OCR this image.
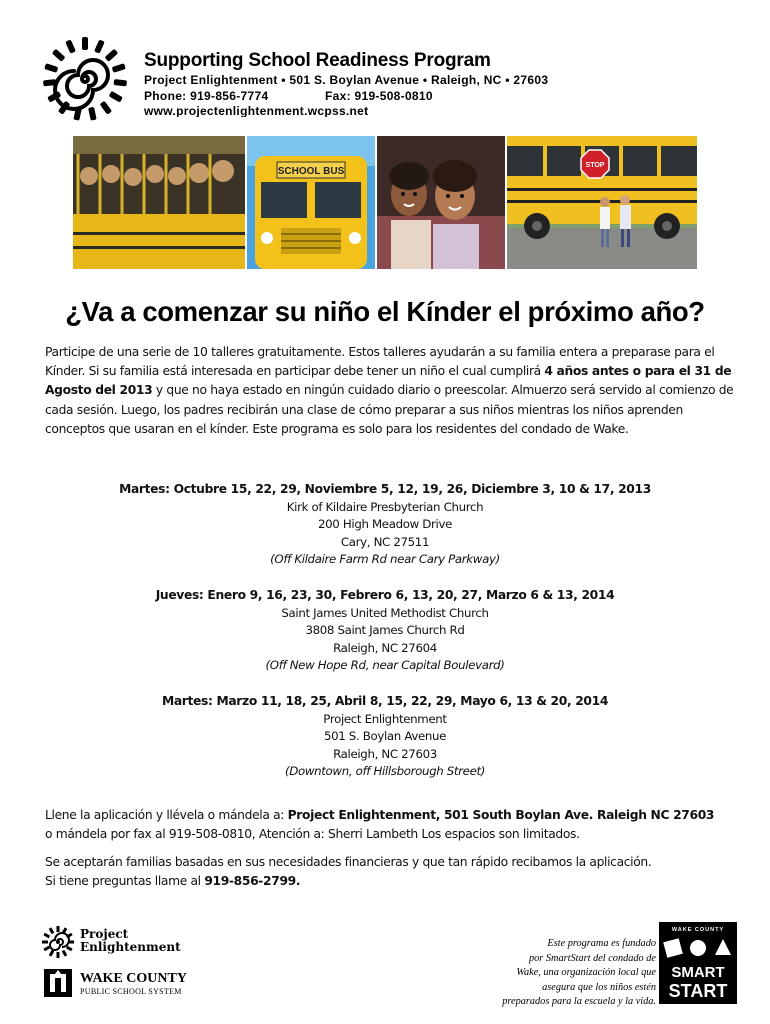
Supporting School Readiness Program
Project Enlightenment • 501 S. Boylan Avenue • Raleigh, NC • 27603
Phone: 919-856-7774	Fax: 919-508-0810
www.projectenlightenment.wcpss.net
SCHOOL BUS
STOP
¿Va a comenzar su niño el Kínder el próximo año?
Participe de una serie de 10 talleres gratuitamente. Estos talleres ayudarán a su familia entera a preparase para el Kínder. Si su familia está interesada en participar debe tener un niño el cual cumplirá 4 años antes o para el 31 de Agosto del 2013 y que no haya estado en ningún cuidado diario o preescolar. Almuerzo será servido al comienzo de cada sesión. Luego, los padres recibirán una clase de cómo preparar a sus niños mientras los niños aprenden conceptos que usaran en el kínder. Este programa es solo para los residentes del condado de Wake.
Martes: Octubre 15, 22, 29, Noviembre 5, 12, 19, 26, Diciembre 3, 10 & 17, 2013
Kirk of Kildaire Presbyterian Church
200 High Meadow Drive
Cary, NC 27511
(Off Kildaire Farm Rd near Cary Parkway)
Jueves: Enero 9, 16, 23, 30, Febrero 6, 13, 20, 27, Marzo 6 & 13, 2014
Saint James United Methodist Church
3808 Saint James Church Rd
Raleigh, NC 27604
(Off New Hope Rd, near Capital Boulevard)
Martes: Marzo 11, 18, 25, Abril 8, 15, 22, 29, Mayo 6, 13 & 20, 2014
Project Enlightenment
501 S. Boylan Avenue
Raleigh, NC 27603
(Downtown, off Hillsborough Street)
Llene la aplicación y llévela o mándela a: Project Enlightenment, 501 South Boylan Ave. Raleigh NC 27603
o mándela por fax al 919-508-0810, Atención a: Sherri Lambeth Los espacios son limitados.
Se aceptarán familias basadas en sus necesidades financieras y que tan rápido recibamos la aplicación.
Si tiene preguntas llame al 919-856-2799.
Project
Enlightenment
WAKE COUNTY
PUBLIC SCHOOL SYSTEM
Este programa es fundado
por SmartStart del condado de
Wake, una organización local que
asegura que los niños estén
preparados para la escuela y la vida.
WAKE COUNTY
SMART
START
